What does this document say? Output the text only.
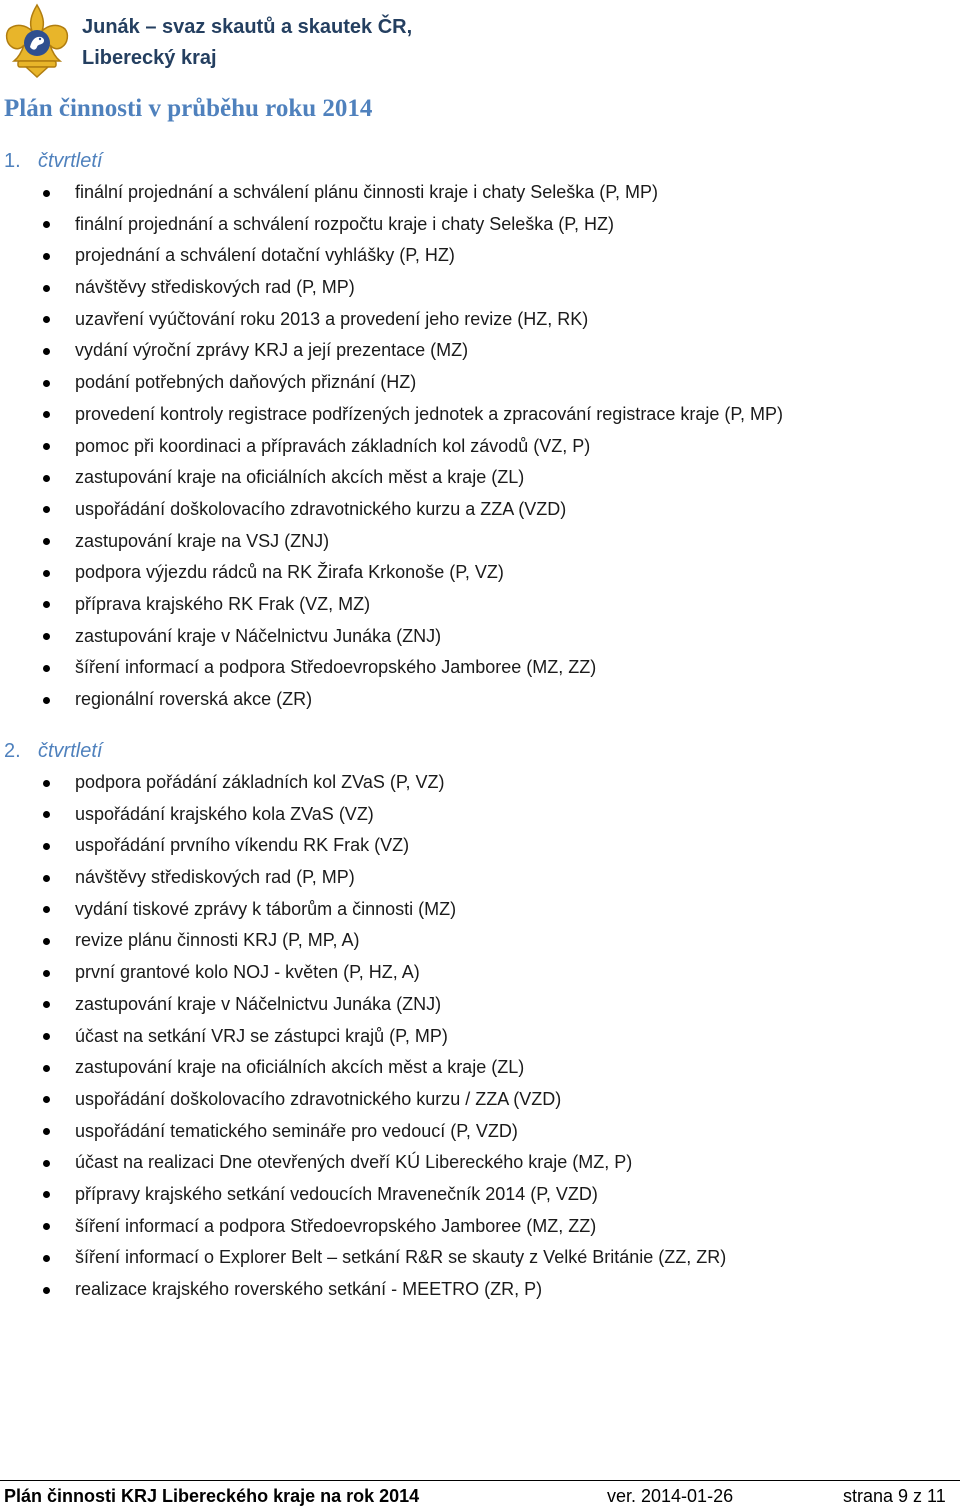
Junák – svaz skautů a skautek ČR,
Liberecký kraj
Plán činnosti v průběhu roku 2014
1. čtvrtletí
finální projednání a schválení plánu činnosti kraje i chaty Seleška (P, MP)
finální projednání a schválení rozpočtu kraje i chaty Seleška (P, HZ)
projednání a schválení dotační vyhlášky (P, HZ)
návštěvy střediskových rad (P, MP)
uzavření vyúčtování roku 2013 a provedení jeho revize (HZ, RK)
vydání výroční zprávy KRJ a její prezentace (MZ)
podání potřebných daňových přiznání (HZ)
provedení kontroly registrace podřízených jednotek a zpracování registrace kraje (P, MP)
pomoc při koordinaci a přípravách základních kol závodů (VZ, P)
zastupování kraje na oficiálních akcích měst a kraje (ZL)
uspořádání doškolovacího zdravotnického kurzu a ZZA (VZD)
zastupování kraje na VSJ (ZNJ)
podpora výjezdu rádců na RK Žirafa Krkonoše (P, VZ)
příprava krajského RK Frak (VZ, MZ)
zastupování kraje v Náčelnictvu Junáka (ZNJ)
šíření informací a podpora Středoevropského Jamboree (MZ, ZZ)
regionální roverská akce (ZR)
2. čtvrtletí
podpora pořádání základních kol ZVaS (P, VZ)
uspořádání krajského kola ZVaS (VZ)
uspořádání prvního víkendu RK Frak (VZ)
návštěvy střediskových rad (P, MP)
vydání tiskové zprávy k táborům a činnosti (MZ)
revize plánu činnosti KRJ (P, MP, A)
první grantové kolo NOJ - květen (P, HZ, A)
zastupování kraje v Náčelnictvu Junáka (ZNJ)
účast na setkání VRJ se zástupci krajů (P, MP)
zastupování kraje na oficiálních akcích měst a kraje (ZL)
uspořádání doškolovacího zdravotnického kurzu / ZZA (VZD)
uspořádání tematického semináře pro vedoucí (P, VZD)
účast na realizaci Dne otevřených dveří KÚ Libereckého kraje (MZ, P)
přípravy krajského setkání vedoucích Mravenečník 2014 (P, VZD)
šíření informací a podpora Středoevropského Jamboree (MZ, ZZ)
šíření informací o Explorer Belt – setkání R&R se skauty z Velké Británie (ZZ, ZR)
realizace krajského roverského setkání - MEETRO (ZR, P)
Plán činnosti KRJ Libereckého kraje na rok 2014	ver. 2014-01-26	strana 9 z 11
